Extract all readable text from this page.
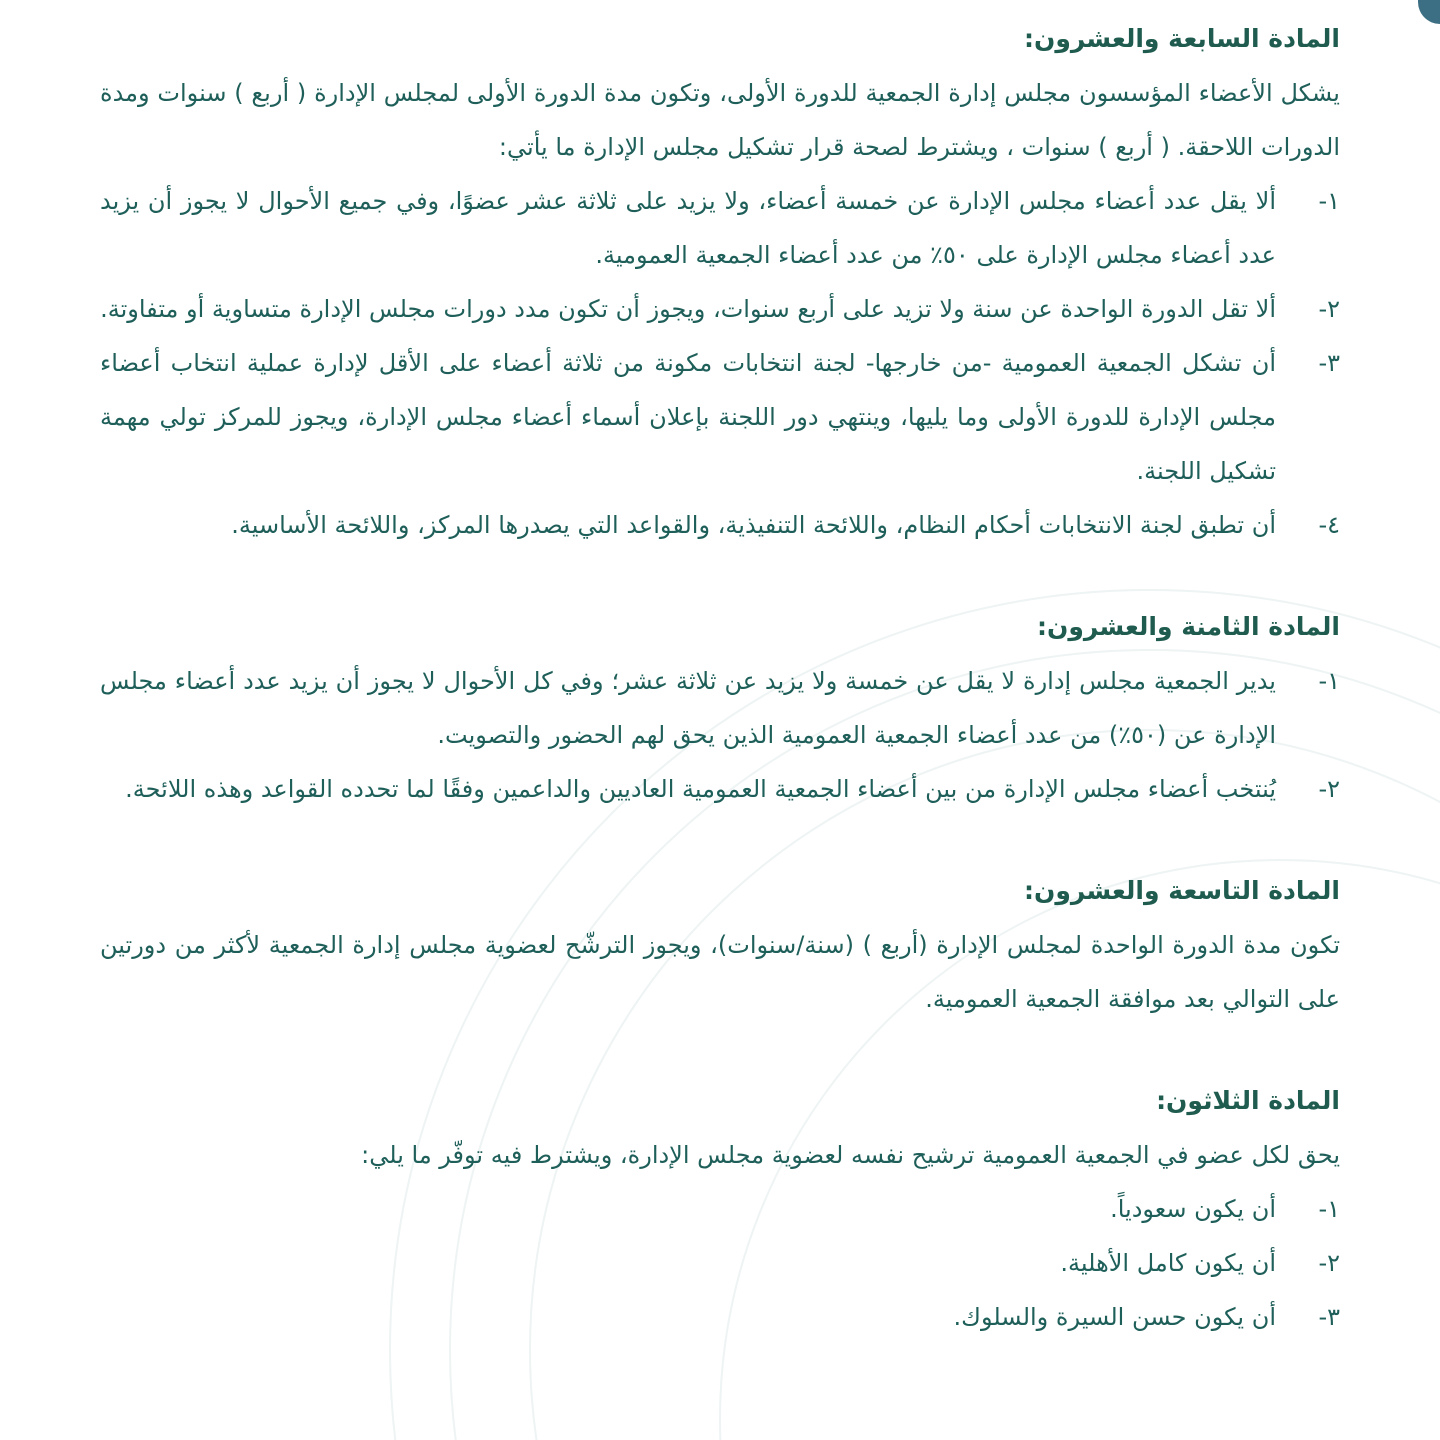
المادة السابعة والعشرون:

يشكل الأعضاء المؤسسون مجلس إدارة الجمعية للدورة الأولى، وتكون مدة الدورة الأولى لمجلس الإدارة ( أربع ) سنوات ومدة الدورات اللاحقة. ( أربع ) سنوات ، ويشترط لصحة قرار تشكيل مجلس الإدارة ما يأتي:

١-
ألا يقل عدد أعضاء مجلس الإدارة عن خمسة أعضاء، ولا يزيد على ثلاثة عشر عضوًا، وفي جميع الأحوال لا يجوز أن يزيد عدد أعضاء مجلس الإدارة على ٥٠٪ من عدد أعضاء الجمعية العمومية.
٢-
ألا تقل الدورة الواحدة عن سنة ولا تزيد على أربع سنوات، ويجوز أن تكون مدد دورات مجلس الإدارة متساوية أو متفاوتة.
٣-
أن تشكل الجمعية العمومية -من خارجها- لجنة انتخابات مكونة من ثلاثة أعضاء على الأقل لإدارة عملية انتخاب أعضاء مجلس الإدارة للدورة الأولى وما يليها، وينتهي دور اللجنة بإعلان أسماء أعضاء مجلس الإدارة، ويجوز للمركز تولي مهمة تشكيل اللجنة.
٤-
أن تطبق لجنة الانتخابات أحكام النظام، واللائحة التنفيذية، والقواعد التي يصدرها المركز، واللائحة الأساسية.
المادة الثامنة والعشرون:
١-
يدير الجمعية مجلس إدارة لا يقل عن خمسة ولا يزيد عن ثلاثة عشر؛ وفي كل الأحوال لا يجوز أن يزيد عدد أعضاء مجلس الإدارة عن (٥٠٪) من عدد أعضاء الجمعية العمومية الذين يحق لهم الحضور والتصويت.
٢-
يُنتخب أعضاء مجلس الإدارة من بين أعضاء الجمعية العمومية العاديين والداعمين وفقًا لما تحدده القواعد وهذه اللائحة.
المادة التاسعة والعشرون:

تكون مدة الدورة الواحدة لمجلس الإدارة (أربع ) (سنة/سنوات)، ويجوز الترشّح لعضوية مجلس إدارة الجمعية لأكثر من دورتين على التوالي بعد موافقة الجمعية العمومية.

المادة الثلاثون:

يحق لكل عضو في الجمعية العمومية ترشيح نفسه لعضوية مجلس الإدارة، ويشترط فيه توفّر ما يلي:

١-
أن يكون سعودياً.
٢-
أن يكون كامل الأهلية.
٣-
أن يكون حسن السيرة والسلوك.
